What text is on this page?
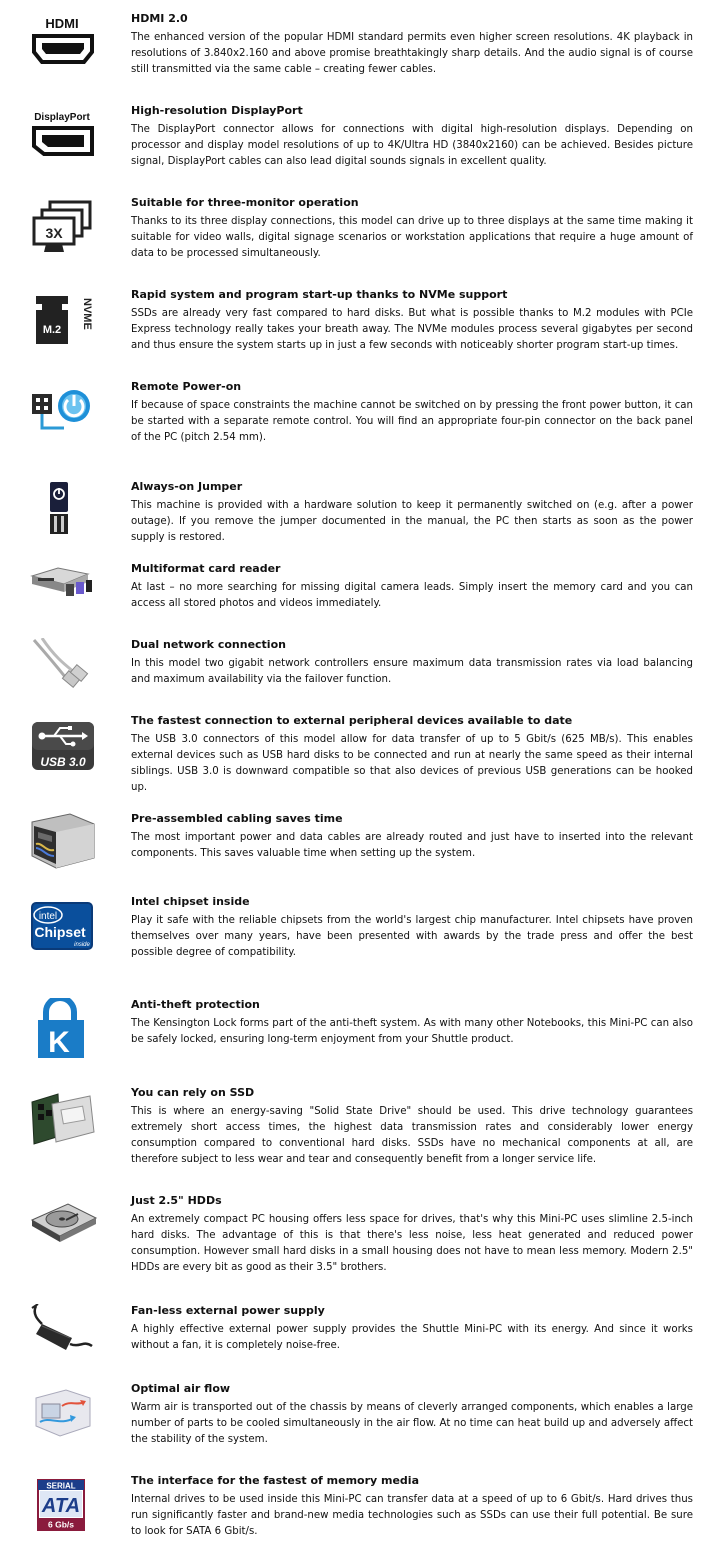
HDMI	HDMI 2.0

The enhanced version of the popular HDMI standard permits even higher screen resolutions. 4K playback in resolutions of 3.840x2.160 and above promise breathtakingly sharp details. And the audio signal is of course still transmitted via the same cable – creating fewer cables.

DisplayPort
High-resolution DisplayPort

The DisplayPort connector allows for connections with digital high-resolution displays. Depending on processor and display model resolutions of up to 4K/Ultra HD (3840x2160) can be achieved. Besides picture signal, DisplayPort cables can also lead digital sounds signals in excellent quality.

3X
Suitable for three-monitor operation

Thanks to its three display connections, this model can drive up to three displays at the same time making it suitable for video walls, digital signage scenarios or workstation applications that require a huge amount of data to be processed simultaneously.

M.2
NVME
Rapid system and program start-up thanks to NVMe support

SSDs are already very fast compared to hard disks. But what is possible thanks to M.2 modules with PCIe Express technology really takes your breath away. The NVMe modules process several gigabytes per second and thus ensure the system starts up in just a few seconds with noticeably shorter program start-up times.

Remote Power-on

If because of space constraints the machine cannot be switched on by pressing the front power button, it can be started with a separate remote control. You will find an appropriate four-pin connector on the back panel of the PC (pitch 2.54 mm).

Always-on Jumper

This machine is provided with a hardware solution to keep it permanently switched on (e.g. after a power outage). If you remove the jumper documented in the manual, the PC then starts as soon as the power supply is restored.

Multiformat card reader

At last – no more searching for missing digital camera leads. Simply insert the memory card and you can access all stored photos and videos immediately.

Dual network connection

In this model two gigabit network controllers ensure maximum data transmission rates via load balancing and maximum availability via the failover function.

USB 3.0
The fastest connection to external peripheral devices available to date

The USB 3.0 connectors of this model allow for data transfer of up to 5 Gbit/s (625 MB/s). This enables external devices such as USB hard disks to be connected and run at nearly the same speed as their internal siblings. USB 3.0 is downward compatible so that also devices of previous USB generations can be hooked up.

Pre-assembled cabling saves time

The most important power and data cables are already routed and just have to inserted into the relevant components. This saves valuable time when setting up the system.

intel
Chipset
inside
Intel chipset inside

Play it safe with the reliable chipsets from the world's largest chip manufacturer. Intel chipsets have proven themselves over many years, have been presented with awards by the trade press and offer the best possible degree of compatibility.

K
Anti-theft protection

The Kensington Lock forms part of the anti-theft system. As with many other Notebooks, this Mini-PC can also be safely locked, ensuring long-term enjoyment from your Shuttle product.

You can rely on SSD

This is where an energy-saving "Solid State Drive" should be used. This drive technology guarantees extremely short access times, the highest data transmission rates and considerably lower energy consumption compared to conventional hard disks. SSDs have no mechanical components at all, are therefore subject to less wear and tear and consequently benefit from a longer service life.

Just 2.5" HDDs

An extremely compact PC housing offers less space for drives, that's why this Mini-PC uses slimline 2.5-inch hard disks. The advantage of this is that there's less noise, less heat generated and reduced power consumption. However small hard disks in a small housing does not have to mean less memory. Modern 2.5" HDDs are every bit as good as their 3.5" brothers.

Fan-less external power supply

A highly effective external power supply provides the Shuttle Mini-PC with its energy. And since it works without a fan, it is completely noise-free.

Optimal air flow

Warm air is transported out of the chassis by means of cleverly arranged components, which enables a large number of parts to be cooled simultaneously in the air flow. At no time can heat build up and adversely affect the stability of the system.

SERIAL
ATA
6 Gb/s
The interface for the fastest of memory media

Internal drives to be used inside this Mini-PC can transfer data at a speed of up to 6 Gbit/s. Hard drives thus run significantly faster and brand-new media technologies such as SSDs can use their full potential. Be sure to look for SATA 6 Gbit/s.
